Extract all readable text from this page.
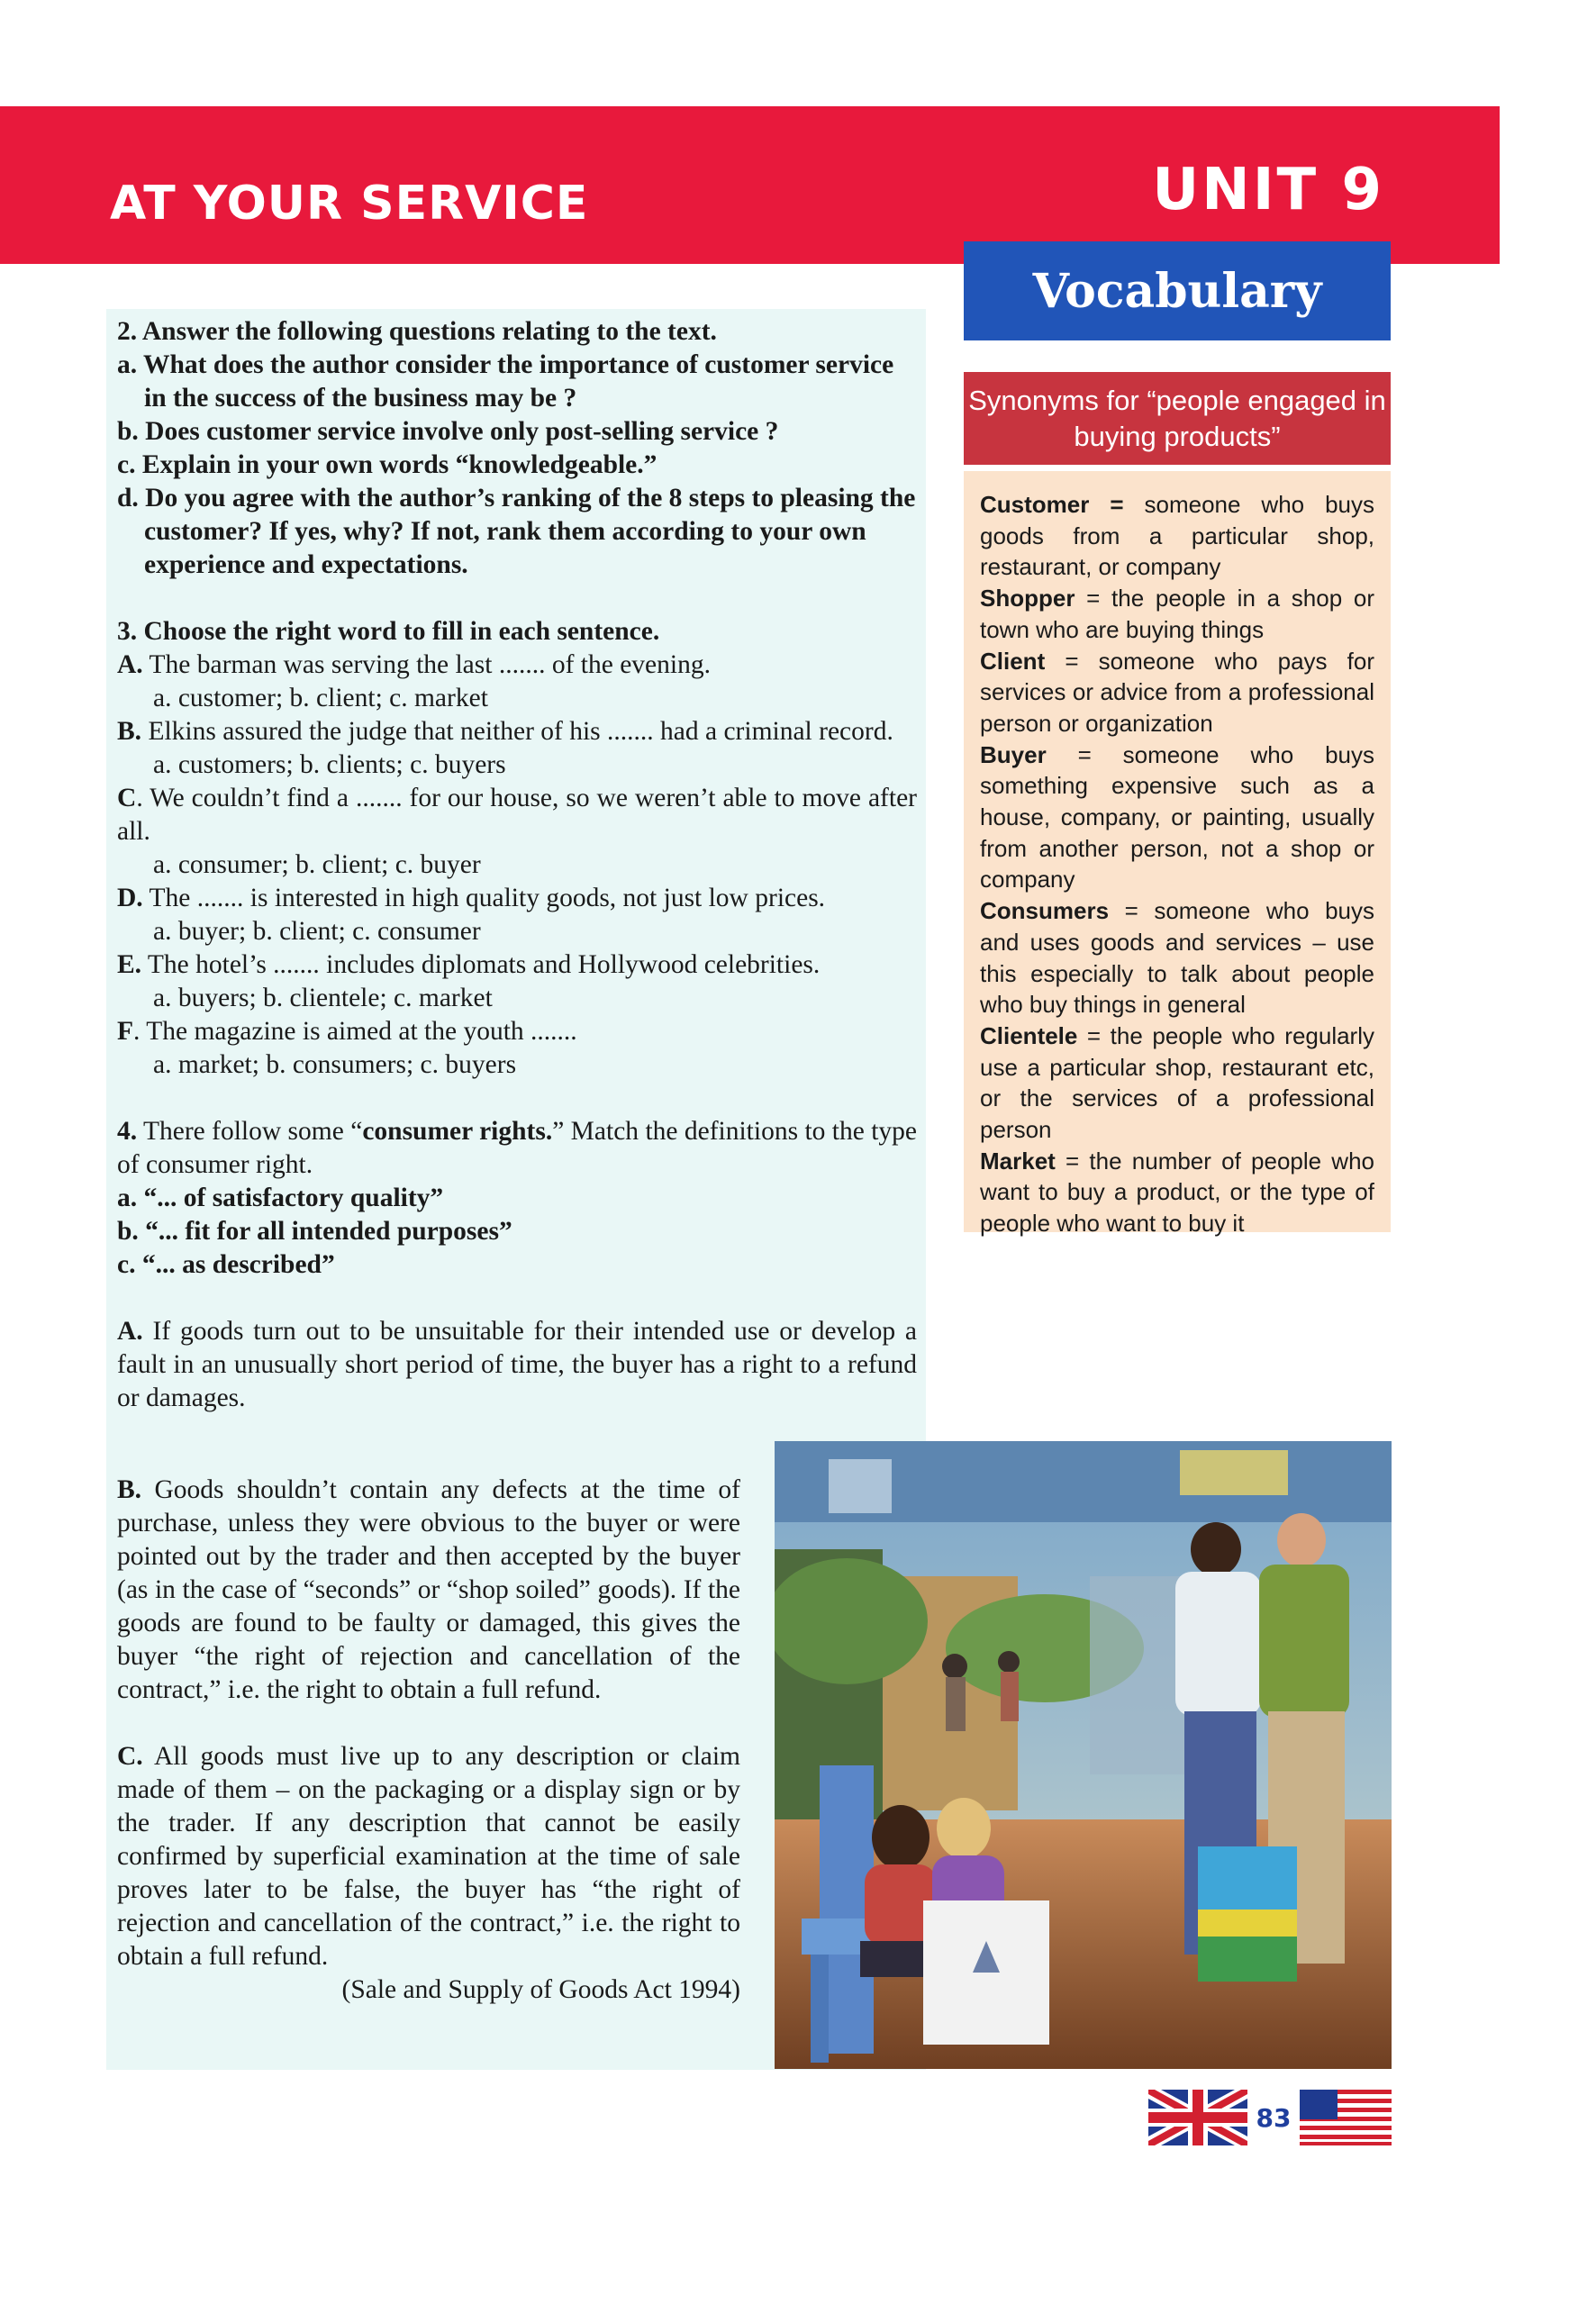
AT YOUR SERVICE	UNIT 9
Vocabulary

2. Answer the following questions relating to the text.

a. What does the author consider the importance of customer service

in the success of the business may be ?

b. Does customer service involve only post-selling service ?

c. Explain in your own words “knowledgeable.”

d. Do you agree with the author’s ranking of the 8 steps to pleasing the

customer? If yes, why? If not, rank them according to your own

experience and expectations.

3. Choose the right word to fill in each sentence.

A. The barman was serving the last ....... of the evening.

a. customer; b. client; c. market

B. Elkins assured the judge that neither of his ....... had a criminal record.

a. customers; b. clients; c. buyers

C. We couldn’t find a ....... for our house, so we weren’t able to move after all.

a. consumer; b. client; c. buyer

D. The ....... is interested in high quality goods, not just low prices.

a. buyer; b. client; c. consumer

E. The hotel’s ....... includes diplomats and Hollywood celebrities.

a. buyers; b. clientele; c. market

F. The magazine is aimed at the youth .......

a. market; b. consumers; c. buyers

4. There follow some “consumer rights.” Match the definitions to the type of consumer right.

a. “... of satisfactory quality”

b. “... fit for all intended purposes”

c. “... as described”

A. If goods turn out to be unsuitable for their intended use or develop a fault in an unusually short period of time, the buyer has a right to a refund or damages.

B. Goods shouldn’t contain any defects at the time of purchase, unless they were obvious to the buyer or were pointed out by the trader and then accepted by the buyer (as in the case of “seconds” or “shop soiled” goods). If the goods are found to be faulty or damaged, this gives the buyer “the right of rejection and cancellation of the contract,” i.e. the right to obtain a full refund.

C. All goods must live up to any description or claim made of them – on the packaging or a display sign or by the trader. If any description that cannot be easily confirmed by superficial examination at the time of sale proves later to be false, the buyer has “the right of rejection and cancellation of the contract,” i.e. the right to obtain a full refund.

(Sale and Supply of Goods Act 1994)

Synonyms for “people engaged in buying products”

Customer = someone who buys goods from a particular shop, restaurant, or company

Shopper = the people in a shop or town who are buying things

Client = someone who pays for services or advice from a professional person or organization

Buyer = someone who buys something expensive such as a house, company, or painting, usually from another person, not a shop or company

Consumers = someone who buys and uses goods and services – use this especially to talk about people who buy things in general

Clientele = the people who regularly use a particular shop, restaurant etc, or the services of a professional person

Market = the number of people who want to buy a product, or the type of people who want to buy it

83
